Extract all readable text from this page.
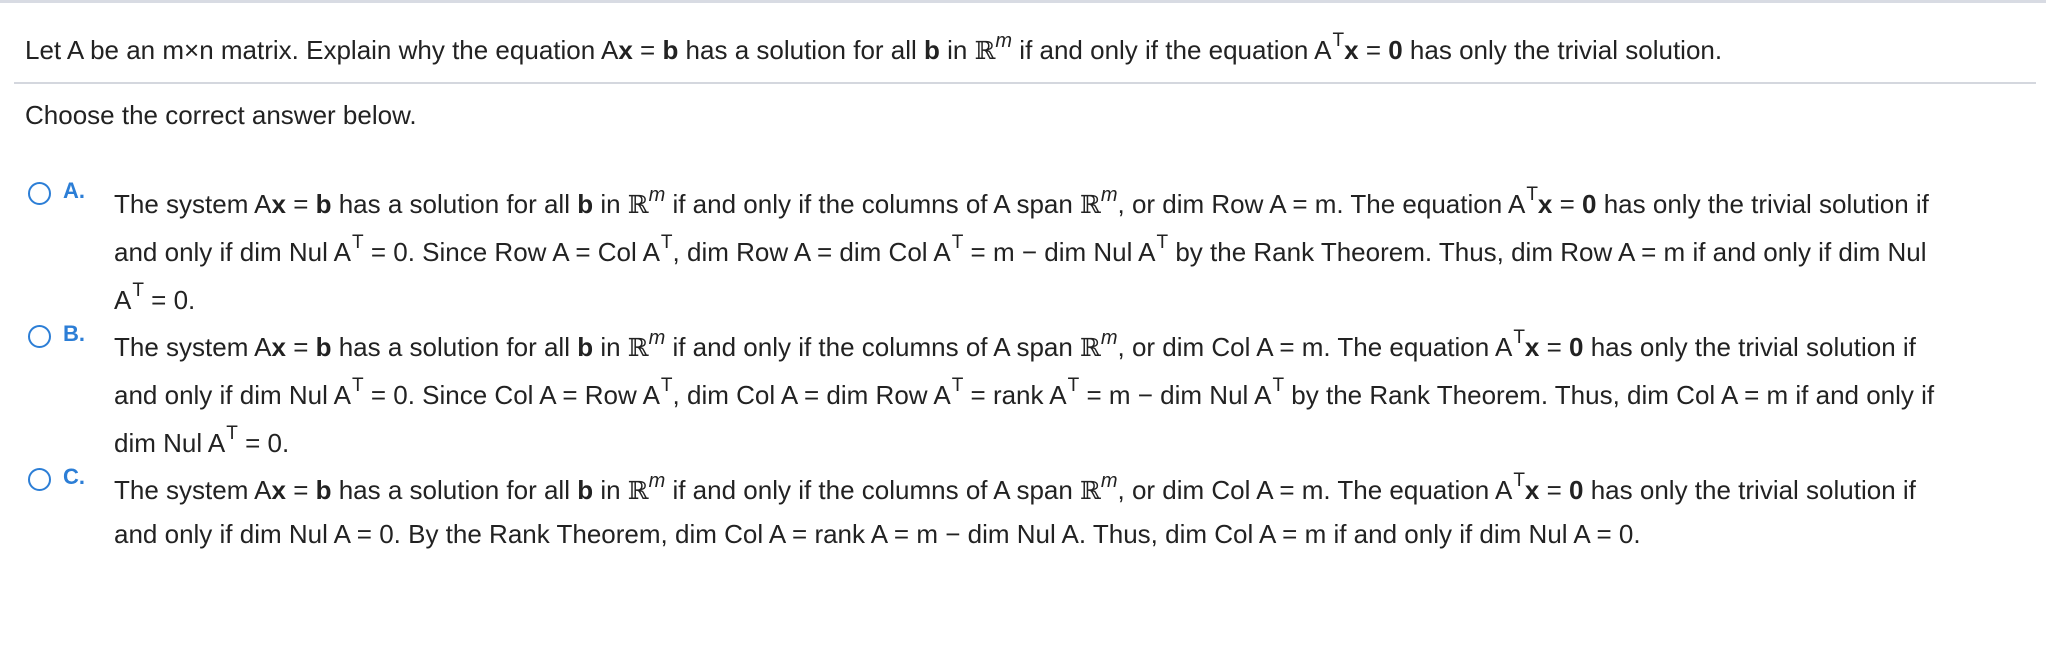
Let A be an m×n matrix. Explain why the equation Ax = b has a solution for all b in ℝ$^m$ if and only if the equation $A^Tx = 0$ has only the trivial solution.
Choose the correct answer below.
A. The system Ax = b has a solution for all b in ℝ$^m$ if and only if the columns of A span ℝ$^m$, or dim Row A = m. The equation $A^Tx = 0$ has only the trivial solution if
and only if dim Nul $A^T = 0$. Since Row A = Col $A^T$, dim Row A = dim Col $A^T = m$ − dim Nul $A^T$ by the Rank Theorem. Thus, dim Row A = m if and only if dim Nul
$A^T = 0$.
B. The system Ax = b has a solution for all b in ℝ$^m$ if and only if the columns of A span ℝ$^m$, or dim Col A = m. The equation $A^Tx = 0$ has only the trivial solution if
and only if dim Nul $A^T = 0$. Since Col A = Row $A^T$, dim Col A = dim Row $A^T$ = rank $A^T = m$ − dim Nul $A^T$ by the Rank Theorem. Thus, dim Col A = m if and only if
dim Nul $A^T = 0$.
C. The system Ax = b has a solution for all b in ℝ$^m$ if and only if the columns of A span ℝ$^m$, or dim Col A = m. The equation $A^Tx = 0$ has only the trivial solution if
and only if dim Nul A = 0. By the Rank Theorem, dim Col A = rank A = m − dim Nul A. Thus, dim Col A = m if and only if dim Nul A = 0.
